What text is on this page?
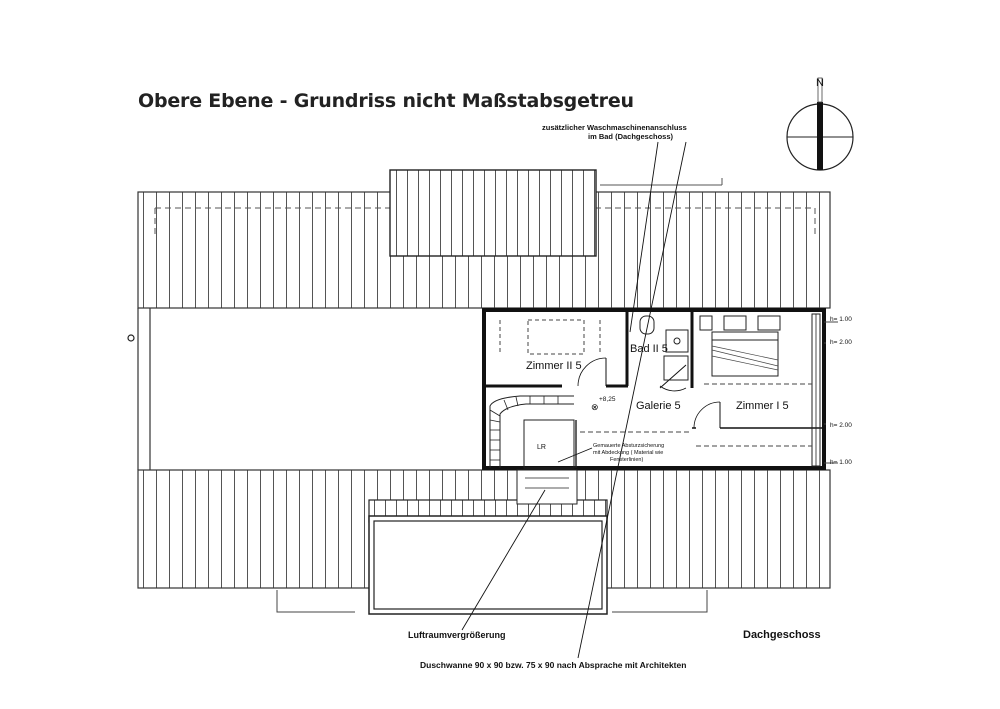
Obere Ebene - Grundriss nicht Maßstabsgetreu
N
zusätzlicher Waschmaschinenanschluss
im Bad (Dachgeschoss)
Zimmer II 5
Bad II 5
Galerie 5	Zimmer I 5
LR
+8,25
⊗
Gemauerte Absturzsicherung
mit Abdeckung ( Material wie
Fensterlinien)
h= 1.00
h= 2.00
h= 2.00
h= 1.00
Luftraumvergrößerung	Dachgeschoss
Duschwanne 90 x 90 bzw. 75 x 90 nach Absprache mit Architekten
